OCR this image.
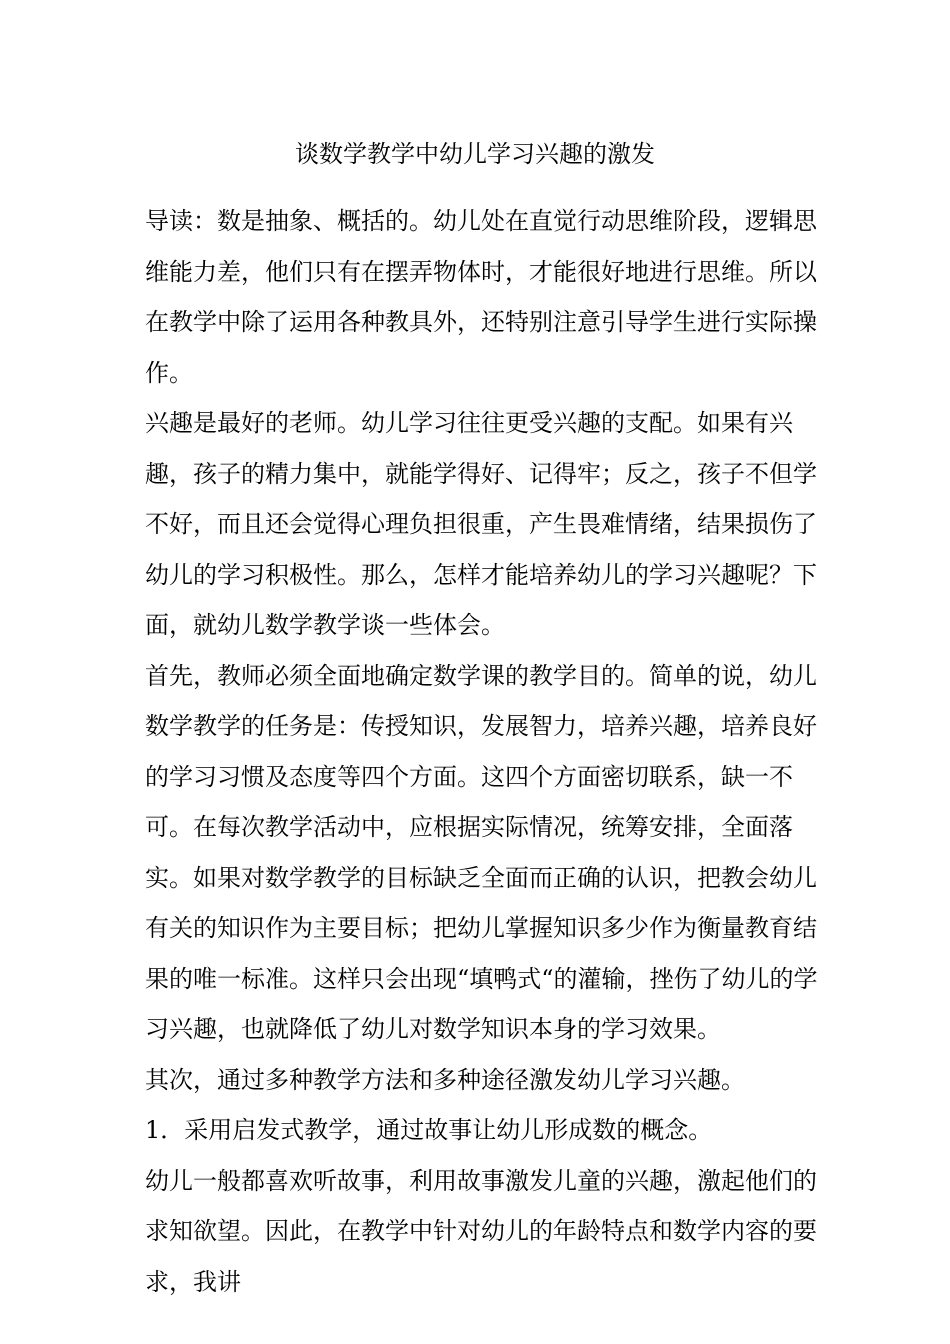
谈数学教学中幼儿学习兴趣的激发

导读：数是抽象、概括的。幼儿处在直觉行动思维阶段，逻辑思维能力差，他们只有在摆弄物体时，才能很好地进行思维。所以在教学中除了运用各种教具外，还特别注意引导学生进行实际操作。

兴趣是最好的老师。幼儿学习往往更受兴趣的支配。如果有兴趣，孩子的精力集中，就能学得好、记得牢；反之，孩子不但学不好，而且还会觉得心理负担很重，产生畏难情绪，结果损伤了幼儿的学习积极性。那么，怎样才能培养幼儿的学习兴趣呢？下面，就幼儿数学教学谈一些体会。

首先，教师必须全面地确定数学课的教学目的。简单的说，幼儿数学教学的任务是：传授知识，发展智力，培养兴趣，培养良好的学习习惯及态度等四个方面。这四个方面密切联系，缺一不可。在每次教学活动中，应根据实际情况，统筹安排，全面落实。如果对数学教学的目标缺乏全面而正确的认识，把教会幼儿有关的知识作为主要目标；把幼儿掌握知识多少作为衡量教育结果的唯一标准。这样只会出现“填鸭式“的灌输，挫伤了幼儿的学习兴趣，也就降低了幼儿对数学知识本身的学习效果。

其次，通过多种教学方法和多种途径激发幼儿学习兴趣。

1．采用启发式教学，通过故事让幼儿形成数的概念。

幼儿一般都喜欢听故事，利用故事激发儿童的兴趣，激起他们的求知欲望。因此，在教学中针对幼儿的年龄特点和数学内容的要求，我讲
